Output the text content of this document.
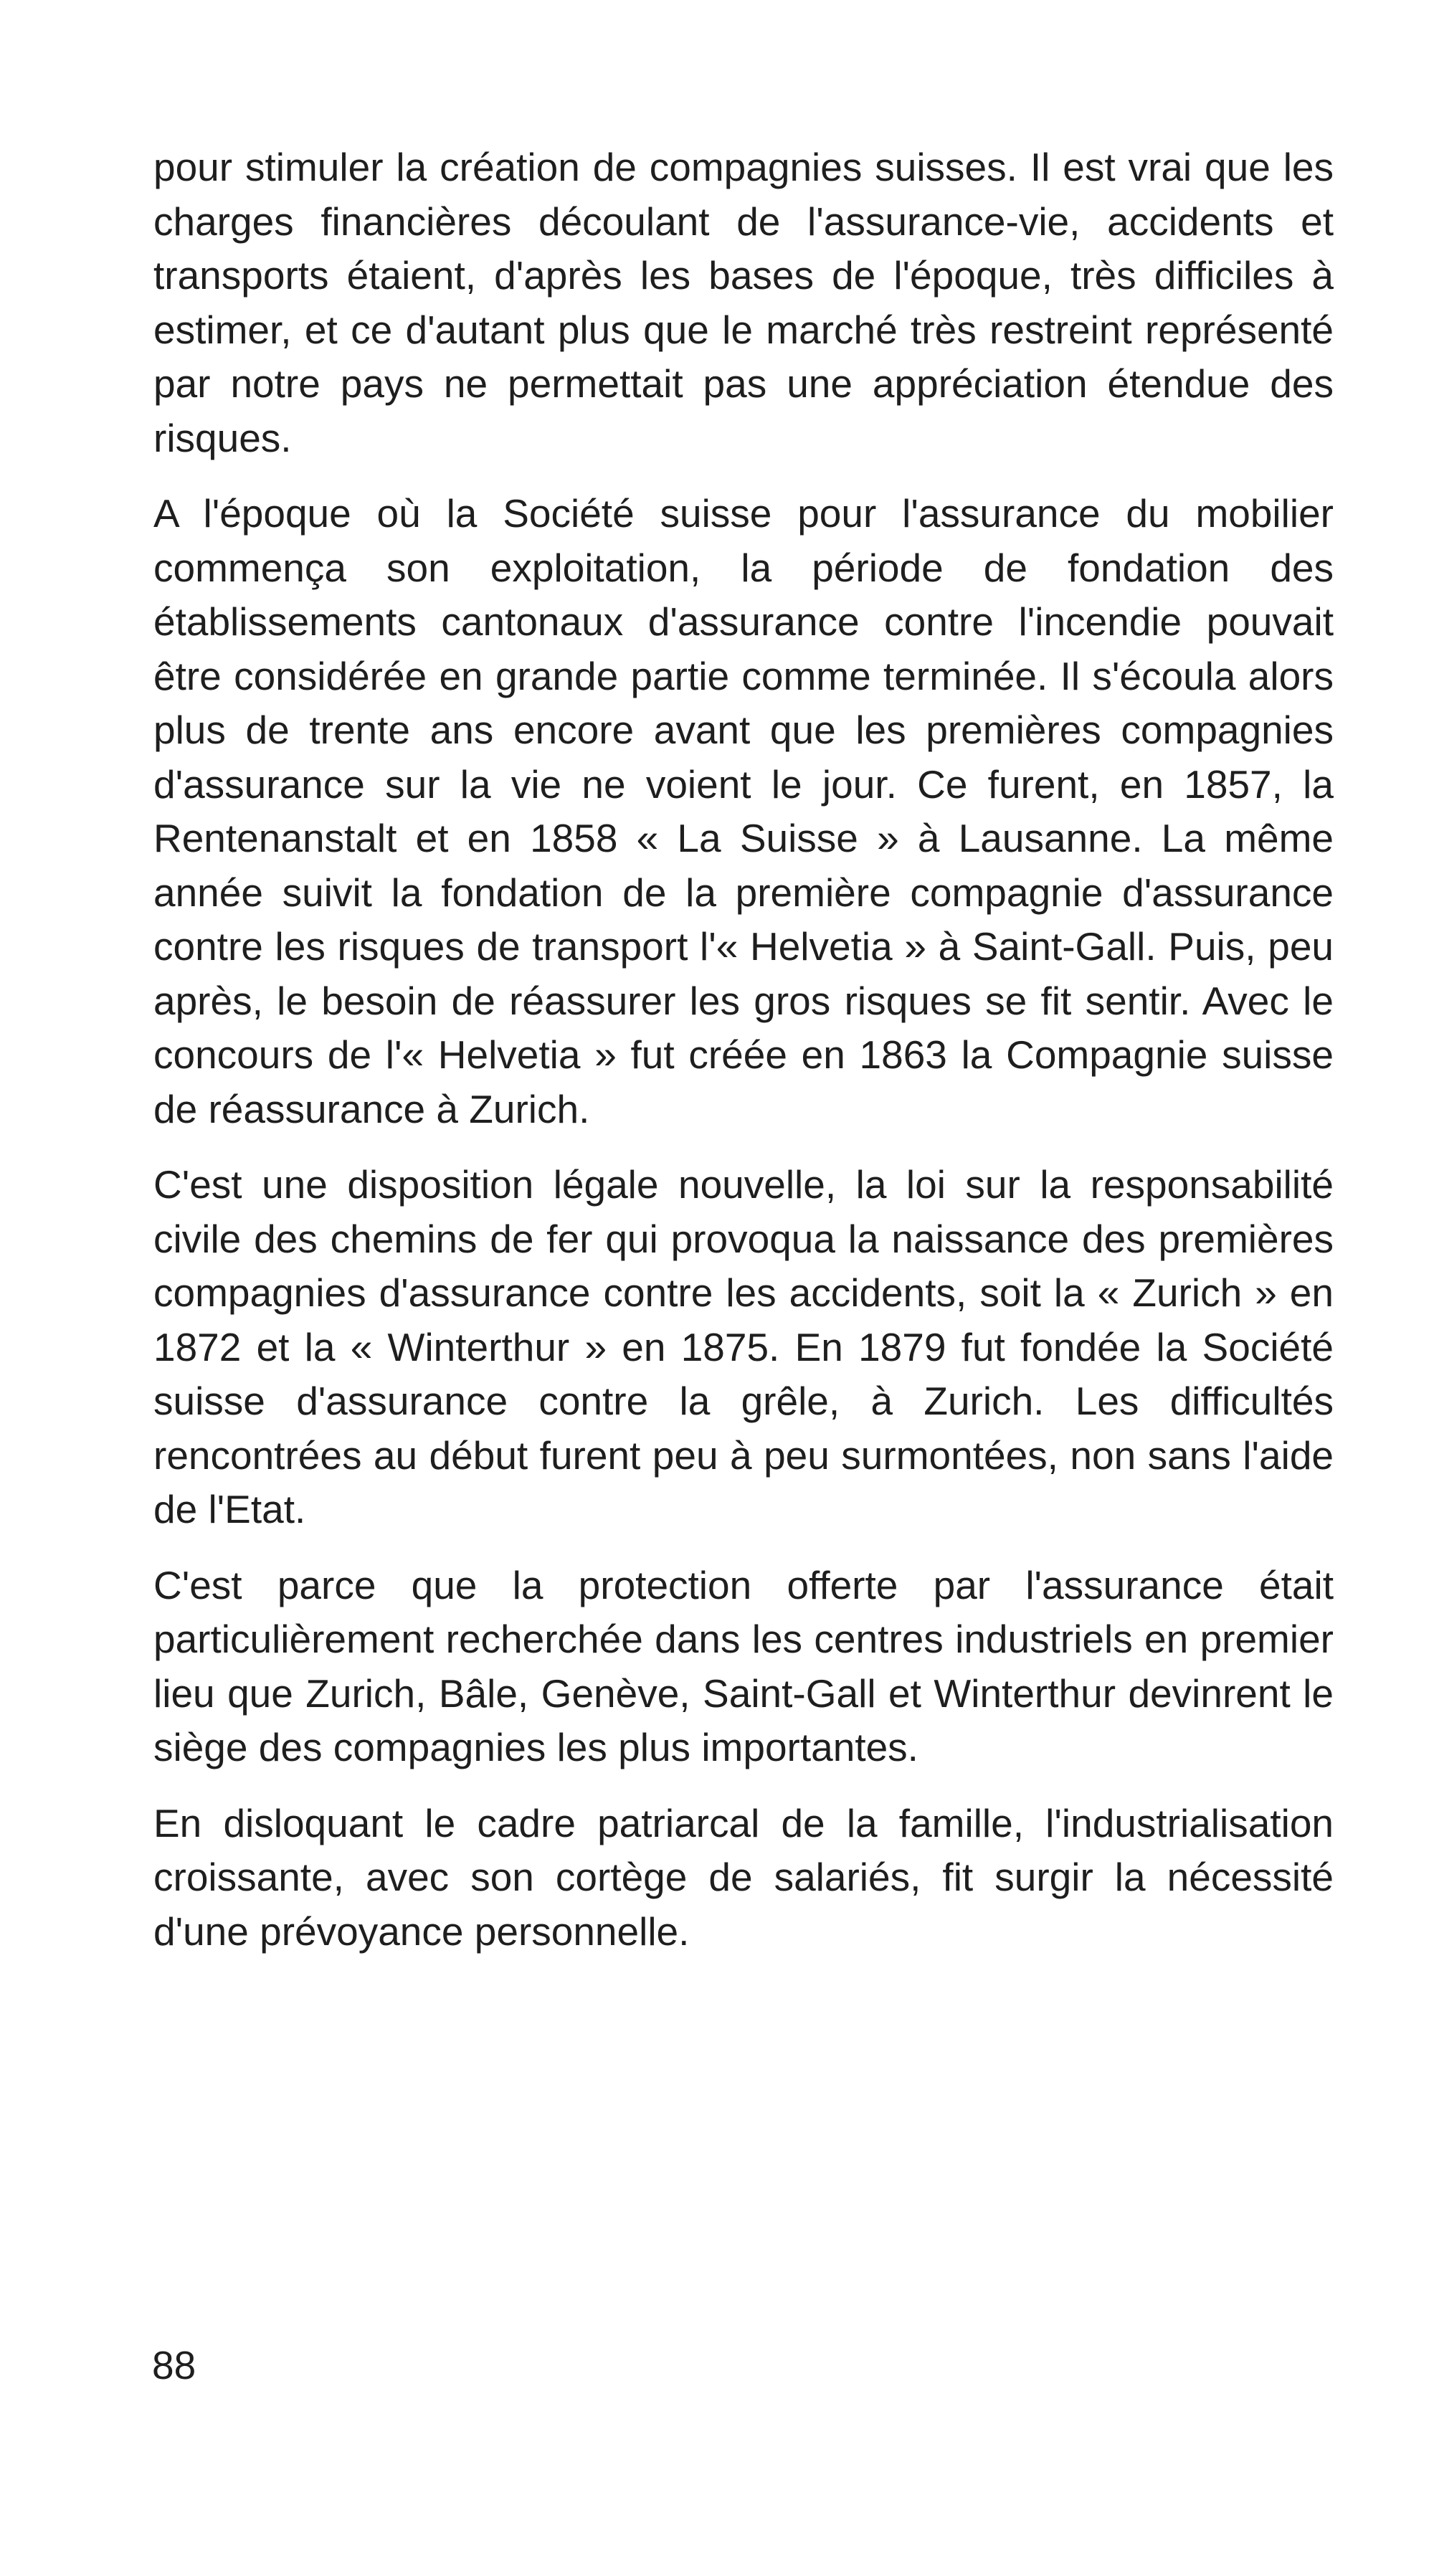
pour stimuler la création de compagnies suisses. Il est vrai que les charges financières découlant de l'assurance-vie, accidents et transports étaient, d'après les bases de l'époque, très difficiles à estimer, et ce d'autant plus que le marché très restreint représenté par notre pays ne permettait pas une appréciation étendue des risques.

A l'époque où la Société suisse pour l'assurance du mobilier commença son exploitation, la période de fondation des établissements cantonaux d'assurance contre l'incendie pouvait être considérée en grande partie comme terminée. Il s'écoula alors plus de trente ans encore avant que les premières compagnies d'assurance sur la vie ne voient le jour. Ce furent, en 1857, la Rentenanstalt et en 1858 « La Suisse » à Lausanne. La même année suivit la fondation de la première compagnie d'assurance contre les risques de transport l'« Helvetia » à Saint-Gall. Puis, peu après, le besoin de réassurer les gros risques se fit sentir. Avec le concours de l'« Helvetia » fut créée en 1863 la Compagnie suisse de réassurance à Zurich.

C'est une disposition légale nouvelle, la loi sur la responsabilité civile des chemins de fer qui provoqua la naissance des premières compagnies d'assurance contre les accidents, soit la « Zurich » en 1872 et la « Winterthur » en 1875. En 1879 fut fondée la Société suisse d'assurance contre la grêle, à Zurich. Les difficultés rencontrées au début furent peu à peu surmontées, non sans l'aide de l'Etat.

C'est parce que la protection offerte par l'assurance était particulièrement recherchée dans les centres industriels en premier lieu que Zurich, Bâle, Genève, Saint-Gall et Winterthur devinrent le siège des compagnies les plus importantes.

En disloquant le cadre patriarcal de la famille, l'industrialisation croissante, avec son cortège de salariés, fit surgir la nécessité d'une prévoyance personnelle.

88
